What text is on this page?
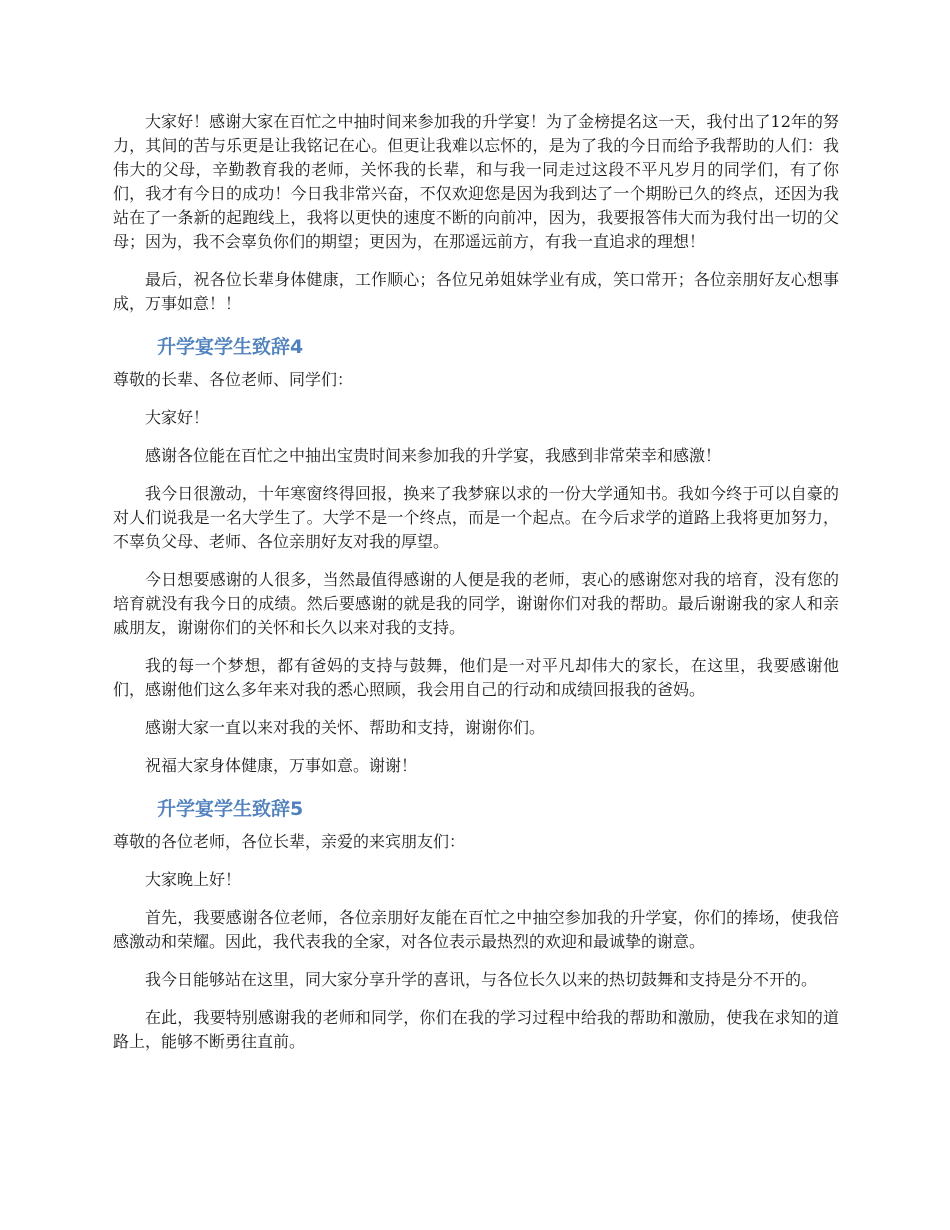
大家好！感谢大家在百忙之中抽时间来参加我的升学宴！为了金榜提名这一天，我付出了12年的努力，其间的苦与乐更是让我铭记在心。但更让我难以忘怀的，是为了我的今日而给予我帮助的人们：我伟大的父母，辛勤教育我的老师，关怀我的长辈，和与我一同走过这段不平凡岁月的同学们，有了你们，我才有今日的成功！今日我非常兴奋，不仅欢迎您是因为我到达了一个期盼已久的终点，还因为我站在了一条新的起跑线上，我将以更快的速度不断的向前冲，因为，我要报答伟大而为我付出一切的父母；因为，我不会辜负你们的期望；更因为，在那遥远前方，有我一直追求的理想！

最后，祝各位长辈身体健康，工作顺心；各位兄弟姐妹学业有成，笑口常开；各位亲朋好友心想事成，万事如意！！

升学宴学生致辞4

尊敬的长辈、各位老师、同学们：

大家好！

感谢各位能在百忙之中抽出宝贵时间来参加我的升学宴，我感到非常荣幸和感激！

我今日很激动，十年寒窗终得回报，换来了我梦寐以求的一份大学通知书。我如今终于可以自豪的对人们说我是一名大学生了。大学不是一个终点，而是一个起点。在今后求学的道路上我将更加努力，不辜负父母、老师、各位亲朋好友对我的厚望。

今日想要感谢的人很多，当然最值得感谢的人便是我的老师，衷心的感谢您对我的培育，没有您的培育就没有我今日的成绩。然后要感谢的就是我的同学，谢谢你们对我的帮助。最后谢谢我的家人和亲戚朋友，谢谢你们的关怀和长久以来对我的支持。

我的每一个梦想，都有爸妈的支持与鼓舞，他们是一对平凡却伟大的家长，在这里，我要感谢他们，感谢他们这么多年来对我的悉心照顾，我会用自己的行动和成绩回报我的爸妈。

感谢大家一直以来对我的关怀、帮助和支持，谢谢你们。

祝福大家身体健康，万事如意。谢谢！

升学宴学生致辞5

尊敬的各位老师，各位长辈，亲爱的来宾朋友们：

大家晚上好！

首先，我要感谢各位老师，各位亲朋好友能在百忙之中抽空参加我的升学宴，你们的捧场，使我倍感激动和荣耀。因此，我代表我的全家，对各位表示最热烈的欢迎和最诚挚的谢意。

我今日能够站在这里，同大家分享升学的喜讯，与各位长久以来的热切鼓舞和支持是分不开的。

在此，我要特别感谢我的老师和同学，你们在我的学习过程中给我的帮助和激励，使我在求知的道路上，能够不断勇往直前。
